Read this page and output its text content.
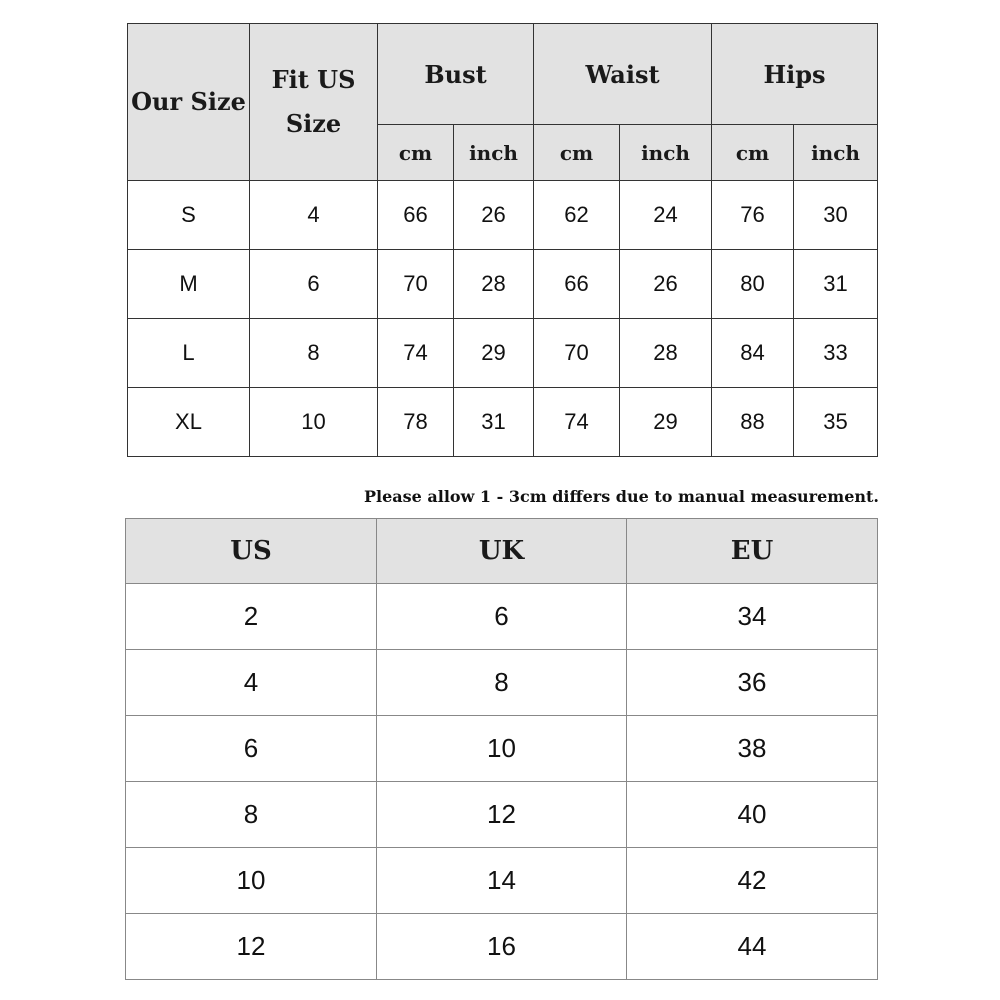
Our Size	Fit US Size	Bust		Waist		Hips	
		cm	inch	cm	inch	cm	inch
S	4	66	26	62	24	76	30
M	6	70	28	66	26	80	31
L	8	74	29	70	28	84	33
XL	10	78	31	74	29	88	35

Please allow 1 - 3cm differs due to manual measurement.

US	UK	EU
2	6	34
4	8	36
6	10	38
8	12	40
10	14	42
12	16	44
